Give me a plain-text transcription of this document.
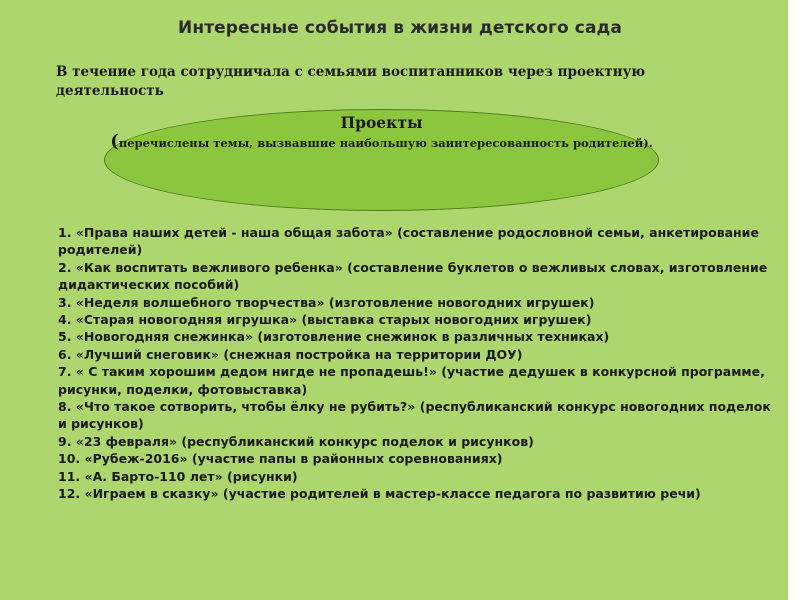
Интересные события в жизни детского сада
В течение года сотрудничала с семьями воспитанников через проектную деятельность
Проекты
(перечислены темы, вызвавшие наибольшую заинтересованность родителей).
1. «Права наших детей - наша общая забота» (составление родословной семьи, анкетирование родителей)
2. «Как воспитать вежливого ребенка» (составление буклетов о вежливых словах, изготовление дидактических пособий)
3. «Неделя волшебного творчества» (изготовление новогодних игрушек)
4. «Старая новогодняя игрушка» (выставка старых новогодних игрушек)
5. «Новогодняя снежинка» (изготовление снежинок в различных техниках)
6. «Лучший снеговик» (снежная постройка на территории ДОУ)
7. « С таким хорошим дедом нигде не пропадешь!» (участие дедушек в конкурсной программе, рисунки, поделки, фотовыставка)
8. «Что такое сотворить, чтобы ёлку не рубить?» (республиканский конкурс новогодних поделок и рисунков)
9. «23 февраля» (республиканский конкурс поделок и рисунков)
10. «Рубеж-2016» (участие папы в районных соревнованиях)
11. «А. Барто-110 лет» (рисунки)
12. «Играем в сказку» (участие родителей в мастер-классе педагога по развитию речи)
